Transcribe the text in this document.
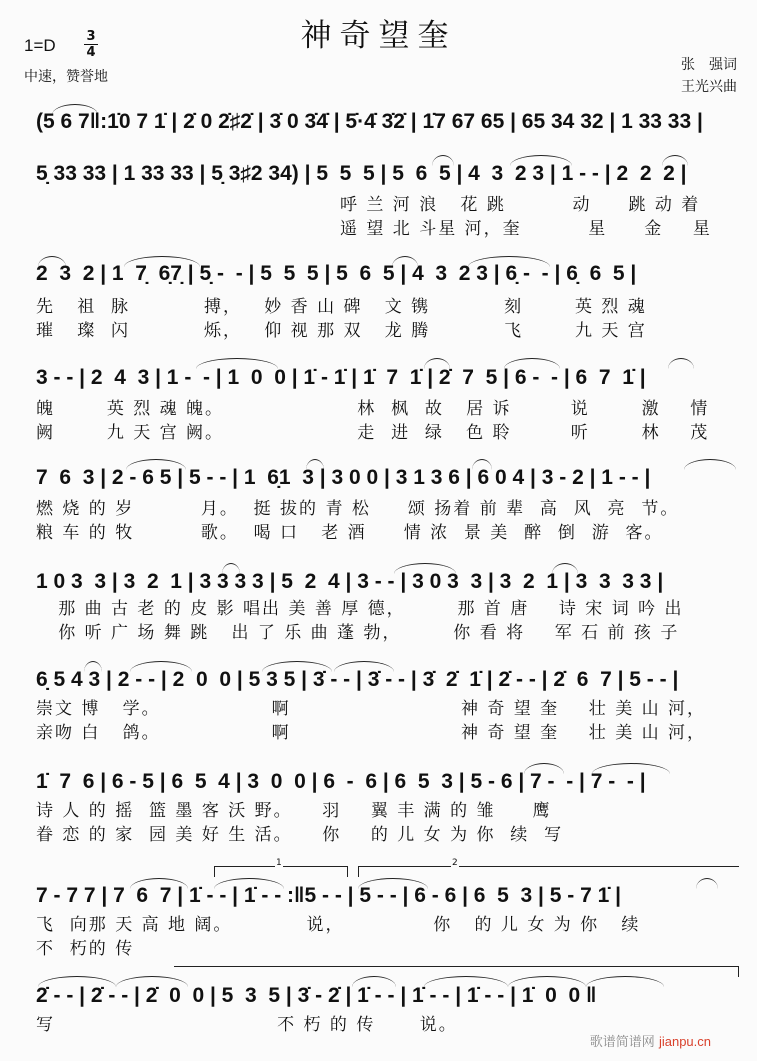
神奇望奎
1=D 3
4
中速，赞誉地
张　强词
王光兴曲
(5 6 7‖:1̇0 7 1̇ | 2̇ 0 2̇♯2̇ | 3̇ 0 3̇4̇ | 5̇·4̇ 3̇2̇ | 1̇7 67 65 | 65 34 32 | 1 33 33 |
5̣ 33 33 | 1 33 33 | 5̣ 3♯2 34) | 5  5  5 | 5  6  5 | 4  3  2 3 | 1 - - | 2  2  2 |
呼 兰 河 浪   花 跳         动     跳 动 着
遥 望 北 斗星 河，奎         星     金    星
2  3  2 | 1  7̣  6̣7̣ | 5̣ -  - | 5  5  5 | 5  6  5 | 4  3  2 3 | 6̣ -  - | 6̣  6  5 |
先   祖  脉          搏，   妙 香 山 碑   文 镌          刻       英 烈 魂
璀   璨  闪          烁，   仰 视 那 双   龙 腾          飞       九 天 宫
3 - - | 2  4  3 | 1 -  - | 1  0  0 | 1̇ - 1̇ | 1̇  7  1̇ | 2̇  7  5 | 6 -  - | 6  7  1̇ |
魄       英 烈 魂 魄。                  林  枫  故   居 诉        说       激    情
阙       九 天 宫 阙。                  走  进  绿   色 聆        听       林    茂
7  6  3 | 2 - 6 5 | 5 - - | 1  6̣1  3 | 3 0 0 | 3 1 3 6 | 6 0 4 | 3 - 2 | 1 - - |
燃 烧 的 岁         月。  挺 拔的 青 松     颂 扬着 前 辈  高  风  亮  节。
粮 车 的 牧         歌。  喝 口   老 酒     情 浓  景 美  醉  倒  游  客。
1 0 3  3 | 3  2  1 | 3 3 3 3 | 5  2  4 | 3 - - | 3 0 3  3 | 3  2  1 | 3  3  3 3 |
那 曲 古 老 的 皮 影 唱出 美 善 厚 德，       那 首 唐    诗 宋 词 吟 出
你 听 广 场 舞 跳   出 了 乐 曲 蓬 勃，       你 看 将    军 石 前 孩 子
6̣ 5 4 3 | 2 - - | 2  0  0 | 5 3 5 | 3̇ - - | 3̇ - - | 3̇  2̇  1̇ | 2̇ - - | 2̇  6  7 | 5 - - |
崇文 博   学。               啊                       神 奇 望 奎    壮 美 山 河，
亲吻 白   鸽。               啊                       神 奇 望 奎    壮 美 山 河，
1̇  7  6 | 6 - 5 | 6  5  4 | 3  0  0 | 6  -  6 | 6  5  3 | 5 - 6 | 7 -  - | 7 -  - |
诗 人 的 摇  篮 墨 客 沃 野。    羽    翼 丰 满 的 雏     鹰
眷 恋 的 家  园 美 好 生 活。    你    的 儿 女 为 你  续  写
1	2
7 - 7 7 | 7  6  7 | 1̇ - - | 1̇ - - :‖5 - - | 5 - - | 6 - 6 | 6  5  3 | 5 - 7 1̇ |
飞  向那 天 高 地 阔。          说，            你   的 儿 女 为 你   续
不  朽的 传
2̇ - - | 2̇ - - | 2̇  0  0 | 5  3  5 | 3̇ - 2̇ | 1̇ - - | 1̇ - - | 1̇ - - | 1̇  0  0 ‖
写                              不 朽 的 传      说。
歌谱简谱网 jianpu.cn
